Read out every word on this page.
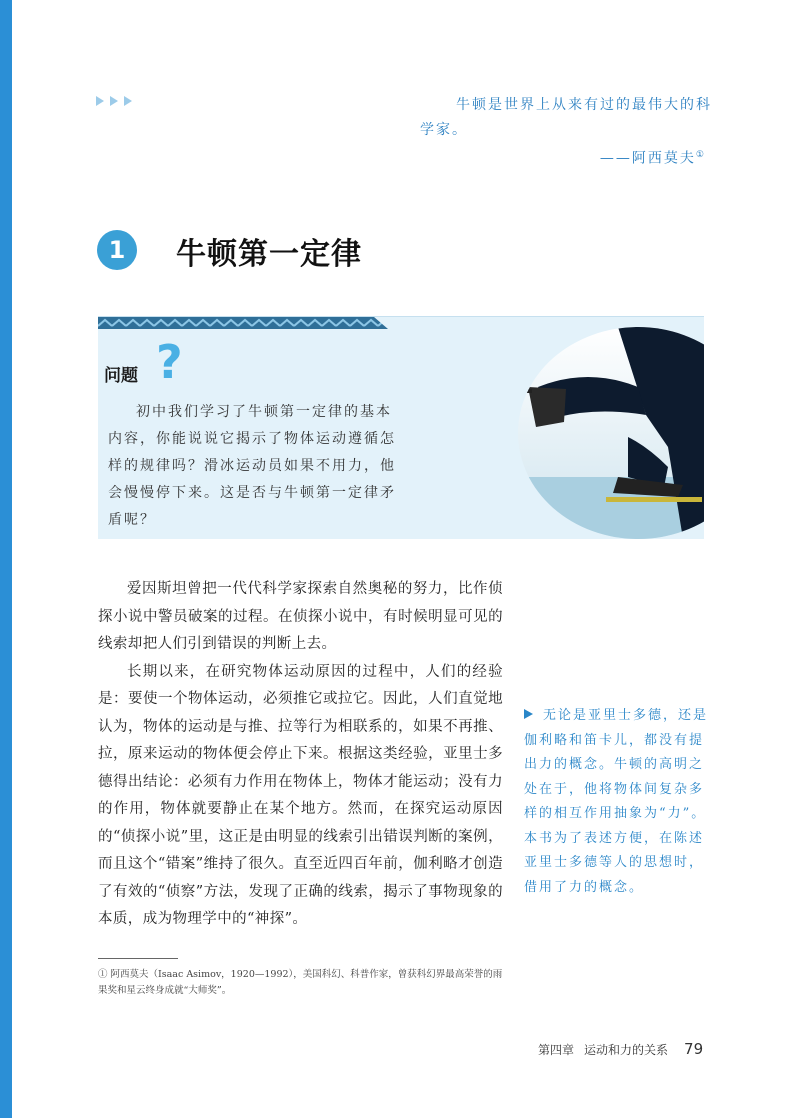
牛顿是世界上从来有过的最伟大的科
学家。
——阿西莫夫①
1	牛顿第一定律
问题 ?
初中我们学习了牛顿第一定律的基本内容，你能说说它揭示了物体运动遵循怎样的规律吗？滑冰运动员如果不用力，他会慢慢停下来。这是否与牛顿第一定律矛盾呢？

爱因斯坦曾把一代代科学家探索自然奥秘的努力，比作侦探小说中警员破案的过程。在侦探小说中，有时候明显可见的线索却把人们引到错误的判断上去。

长期以来，在研究物体运动原因的过程中，人们的经验是：要使一个物体运动，必须推它或拉它。因此，人们直觉地认为，物体的运动是与推、拉等行为相联系的，如果不再推、拉，原来运动的物体便会停止下来。根据这类经验，亚里士多德得出结论：必须有力作用在物体上，物体才能运动；没有力的作用，物体就要静止在某个地方。然而，在探究运动原因的“侦探小说”里，这正是由明显的线索引出错误判断的案例，而且这个“错案”维持了很久。直至近四百年前，伽利略才创造了有效的“侦察”方法，发现了正确的线索，揭示了事物现象的本质，成为物理学中的“神探”。

无论是亚里士多德，还是伽利略和笛卡儿，都没有提出力的概念。牛顿的高明之处在于，他将物体间复杂多样的相互作用抽象为“力”。本书为了表述方便，在陈述亚里士多德等人的思想时，借用了力的概念。
① 阿西莫夫（Isaac Asimov，1920—1992），美国科幻、科普作家，曾获科幻界最高荣誉的雨果奖和星云终身成就“大师奖”。
第四章 运动和力的关系 79
